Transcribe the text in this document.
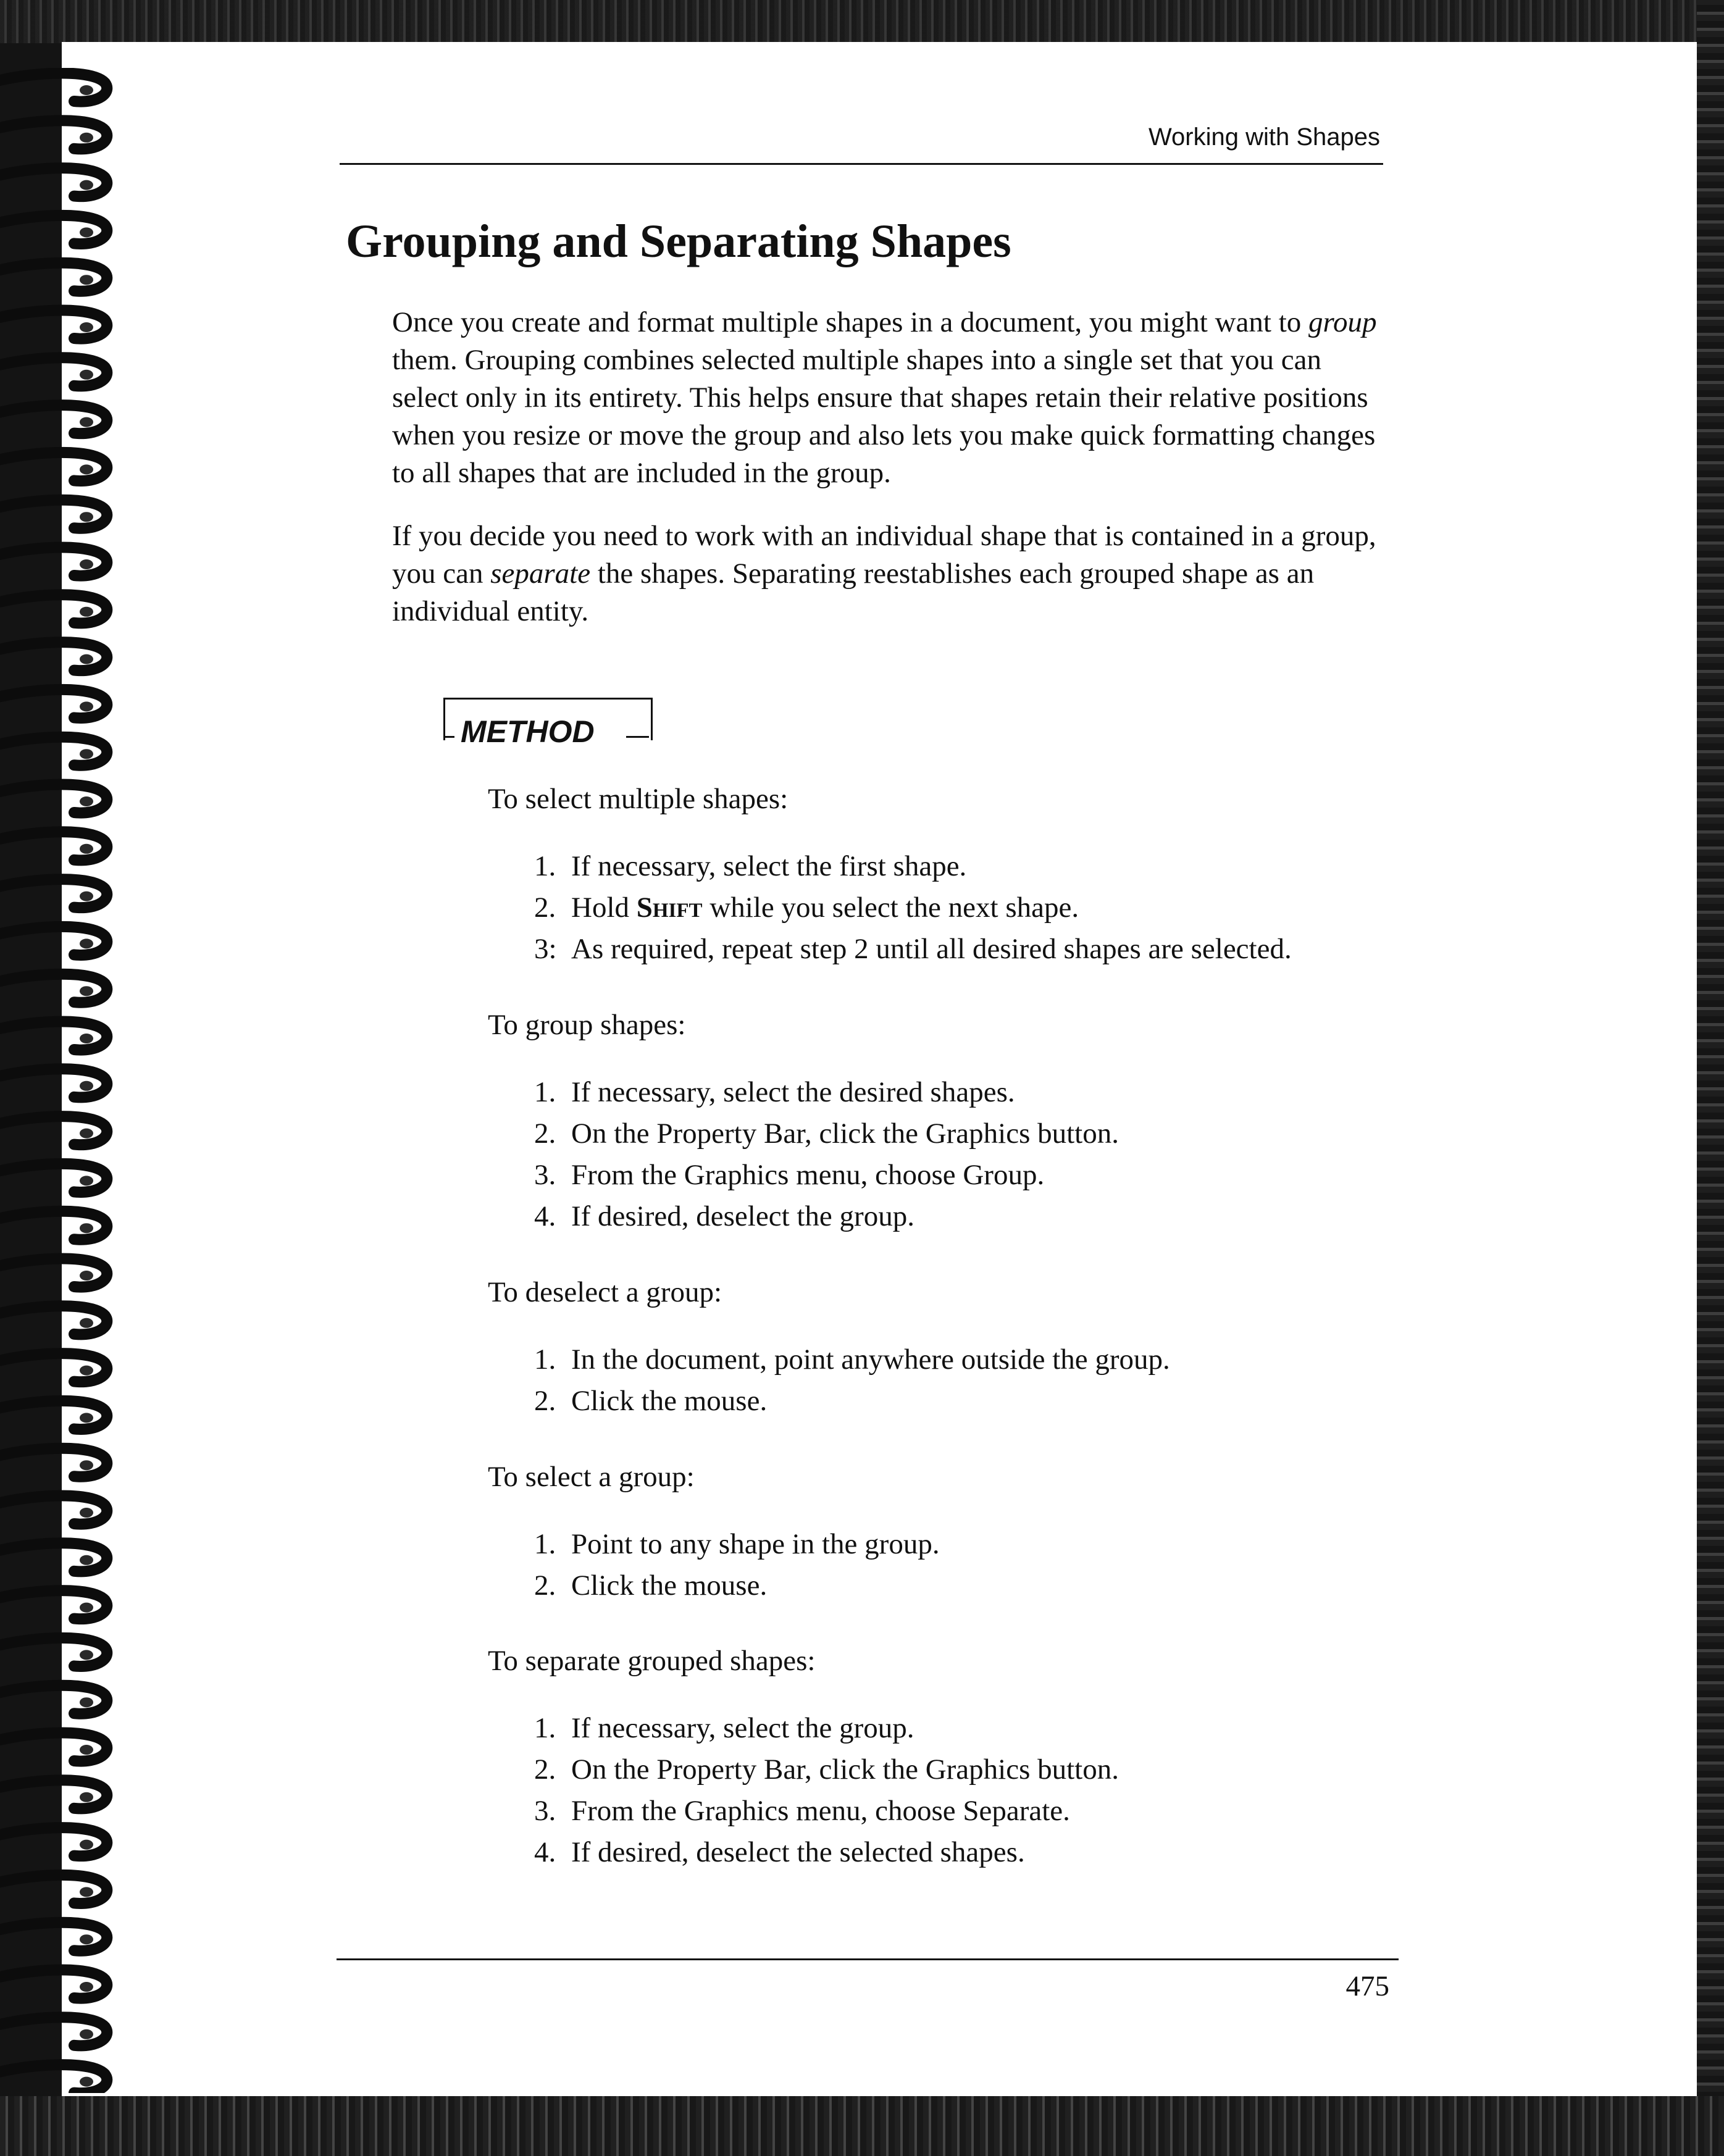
Working with Shapes
Grouping and Separating Shapes

Once you create and format multiple shapes in a document, you might want to group them. Grouping combines selected multiple shapes into a single set that you can select only in its entirety. This helps ensure that shapes retain their relative positions when you resize or move the group and also lets you make quick formatting changes to all shapes that are included in the group.

If you decide you need to work with an individual shape that is contained in a group, you can separate the shapes. Separating reestablishes each grouped shape as an individual entity.

METHOD

To select multiple shapes:

1. If necessary, select the first shape.
2. Hold Shift while you select the next shape.
3: As required, repeat step 2 until all desired shapes are selected.

To group shapes:

1. If necessary, select the desired shapes.
2. On the Property Bar, click the Graphics button.
3. From the Graphics menu, choose Group.
4. If desired, deselect the group.

To deselect a group:

1. In the document, point anywhere outside the group.
2. Click the mouse.

To select a group:

1. Point to any shape in the group.
2. Click the mouse.

To separate grouped shapes:

1. If necessary, select the group.
2. On the Property Bar, click the Graphics button.
3. From the Graphics menu, choose Separate.
4. If desired, deselect the selected shapes.
475
